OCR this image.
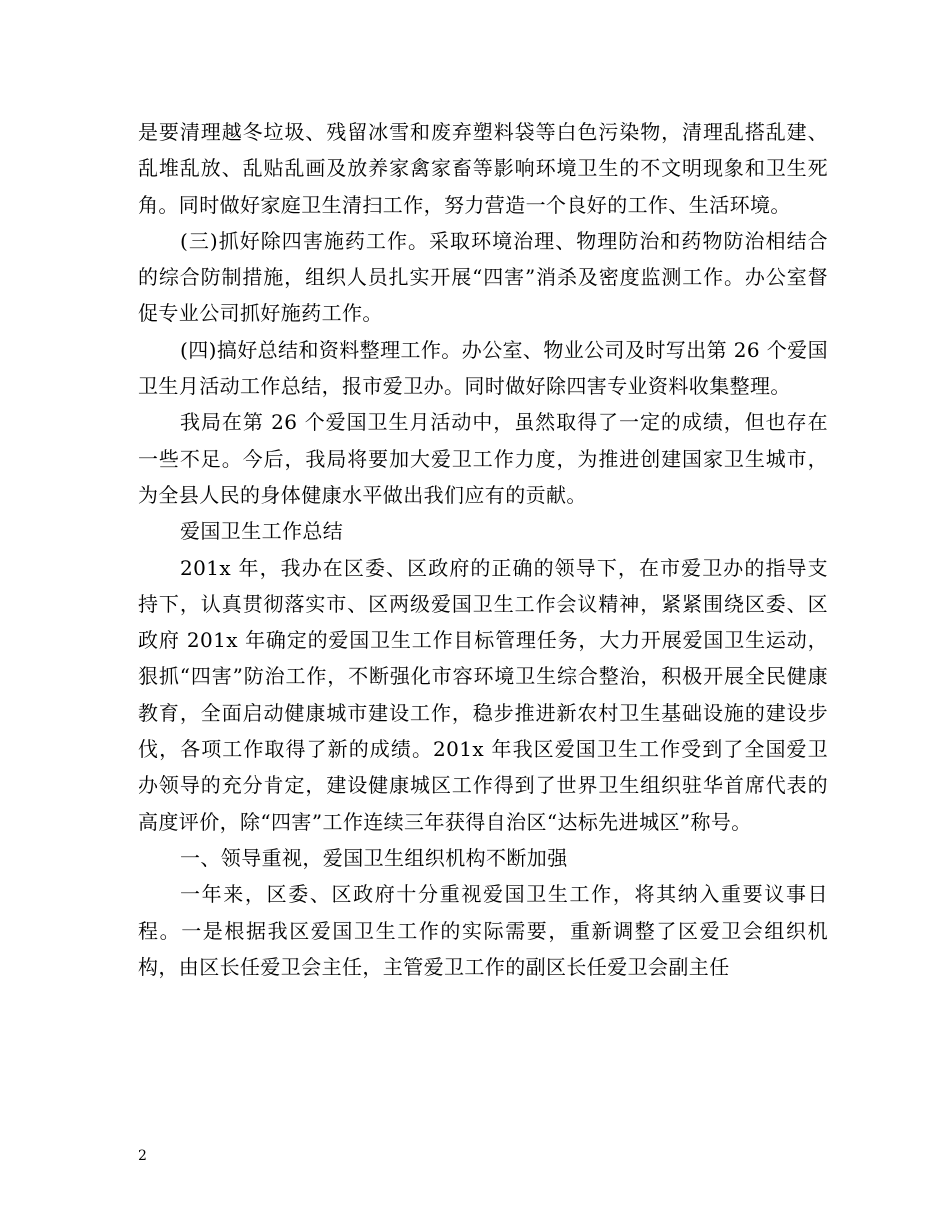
是要清理越冬垃圾、残留冰雪和废弃塑料袋等白色污染物，清理乱搭乱建、乱堆乱放、乱贴乱画及放养家禽家畜等影响环境卫生的不文明现象和卫生死角。同时做好家庭卫生清扫工作，努力营造一个良好的工作、生活环境。

(三)抓好除四害施药工作。采取环境治理、物理防治和药物防治相结合的综合防制措施，组织人员扎实开展“四害”消杀及密度监测工作。办公室督促专业公司抓好施药工作。

(四)搞好总结和资料整理工作。办公室、物业公司及时写出第 26 个爱国卫生月活动工作总结，报市爱卫办。同时做好除四害专业资料收集整理。

我局在第 26 个爱国卫生月活动中，虽然取得了一定的成绩，但也存在一些不足。今后，我局将要加大爱卫工作力度，为推进创建国家卫生城市，为全县人民的身体健康水平做出我们应有的贡献。

爱国卫生工作总结

201x 年，我办在区委、区政府的正确的领导下，在市爱卫办的指导支持下，认真贯彻落实市、区两级爱国卫生工作会议精神，紧紧围绕区委、区政府 201x 年确定的爱国卫生工作目标管理任务，大力开展爱国卫生运动，狠抓“四害”防治工作，不断强化市容环境卫生综合整治，积极开展全民健康教育，全面启动健康城市建设工作，稳步推进新农村卫生基础设施的建设步伐，各项工作取得了新的成绩。201x 年我区爱国卫生工作受到了全国爱卫办领导的充分肯定，建设健康城区工作得到了世界卫生组织驻华首席代表的高度评价，除“四害”工作连续三年获得自治区“达标先进城区”称号。

一、领导重视，爱国卫生组织机构不断加强

一年来，区委、区政府十分重视爱国卫生工作，将其纳入重要议事日程。一是根据我区爱国卫生工作的实际需要，重新调整了区爱卫会组织机构，由区长任爱卫会主任，主管爱卫工作的副区长任爱卫会副主任

2
